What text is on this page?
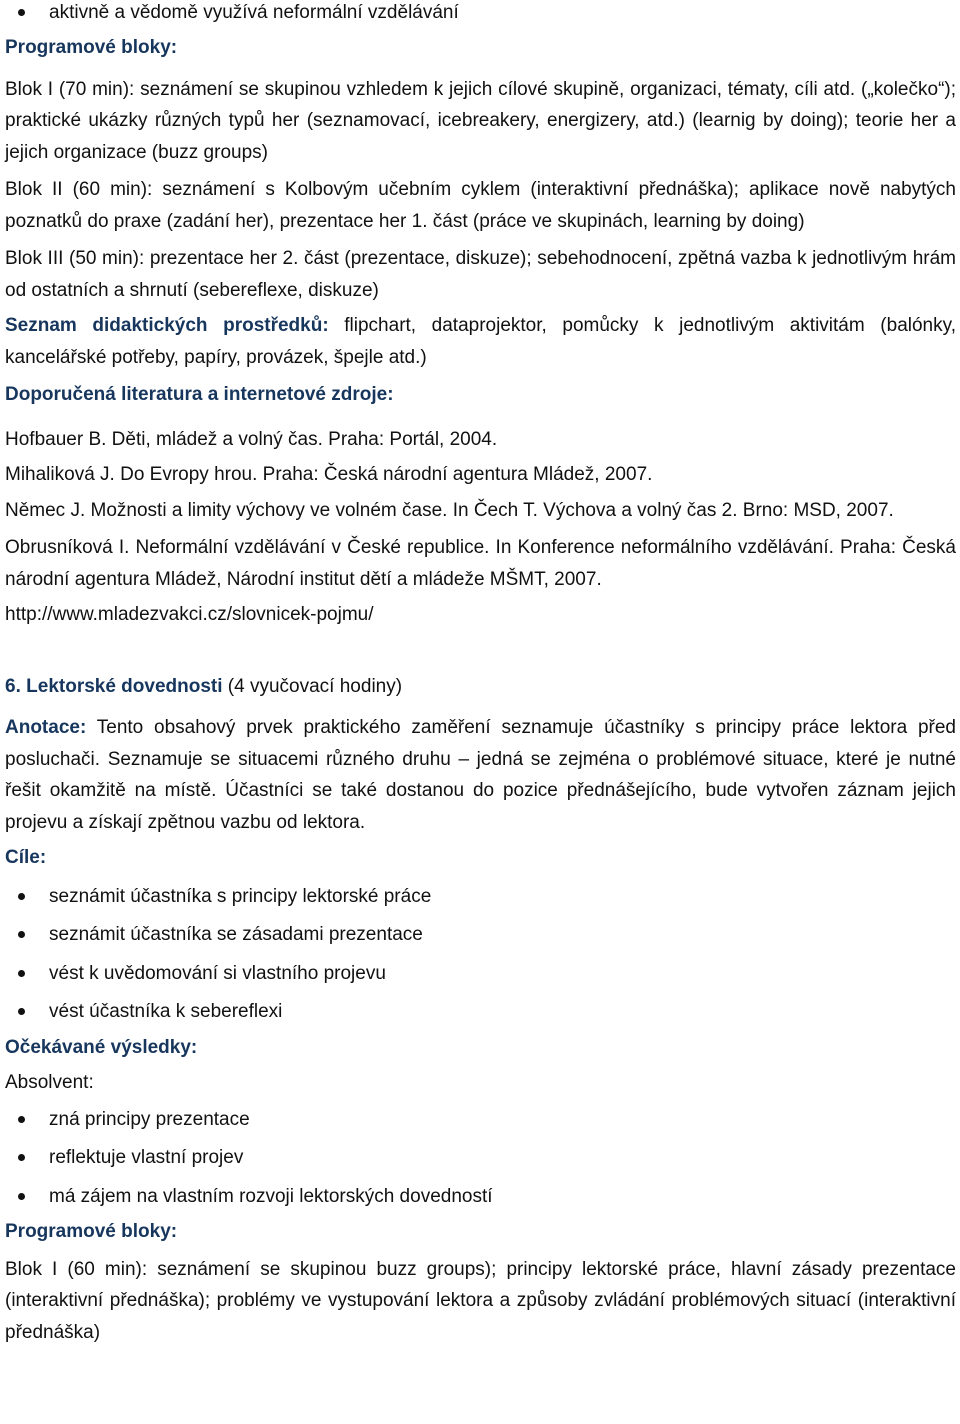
aktivně a vědomě využívá neformální vzdělávání
Programové bloky:

Blok I (70 min): seznámení se skupinou vzhledem k jejich cílové skupině, organizaci, tématy, cíli atd. („kolečko“); praktické ukázky různých typů her (seznamovací, icebreakery, energizery, atd.) (learnig by doing); teorie her a jejich organizace (buzz groups)

Blok II (60 min): seznámení s Kolbovým učebním cyklem (interaktivní přednáška); aplikace nově nabytých poznatků do praxe (zadání her), prezentace her 1. část (práce ve skupinách, learning by doing)

Blok III (50 min): prezentace her 2. část (prezentace, diskuze); sebehodnocení, zpětná vazba k jednotlivým hrám od ostatních a shrnutí (sebereflexe, diskuze)

Seznam didaktických prostředků: flipchart, dataprojektor, pomůcky k jednotlivým aktivitám (balónky, kancelářské potřeby, papíry, provázek, špejle atd.)

Doporučená literatura a internetové zdroje:

Hofbauer B. Děti, mládež a volný čas. Praha: Portál, 2004.

Mihaliková J. Do Evropy hrou. Praha: Česká národní agentura Mládež, 2007.

Němec J. Možnosti a limity výchovy ve volném čase. In Čech T. Výchova a volný čas 2. Brno: MSD, 2007.

Obrusníková I. Neformální vzdělávání v České republice. In Konference neformálního vzdělávání. Praha: Česká národní agentura Mládež, Národní institut dětí a mládeže MŠMT, 2007.

http://www.mladezvakci.cz/slovnicek-pojmu/

6. Lektorské dovednosti (4 vyučovací hodiny)

Anotace: Tento obsahový prvek praktického zaměření seznamuje účastníky s principy práce lektora před posluchači. Seznamuje se situacemi různého druhu – jedná se zejména o problémové situace, které je nutné řešit okamžitě na místě. Účastníci se také dostanou do pozice přednášejícího, bude vytvořen záznam jejich projevu a získají zpětnou vazbu od lektora.

Cíle:
seznámit účastníka s principy lektorské práce
seznámit účastníka se zásadami prezentace
vést k uvědomování si vlastního projevu
vést účastníka k sebereflexi
Očekávané výsledky:
Absolvent:
zná principy prezentace
reflektuje vlastní projev
má zájem na vlastním rozvoji lektorských dovedností
Programové bloky:

Blok I (60 min): seznámení se skupinou buzz groups); principy lektorské práce, hlavní zásady prezentace (interaktivní přednáška); problémy ve vystupování lektora a způsoby zvládání problémových situací (interaktivní přednáška)
